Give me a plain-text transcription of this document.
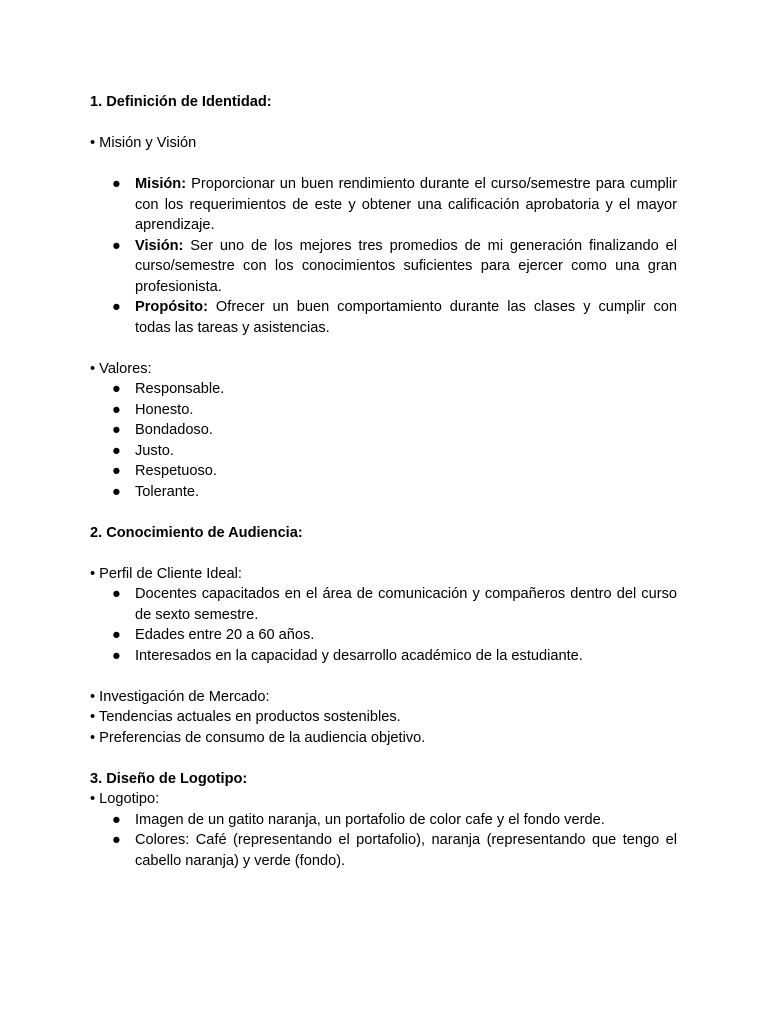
1. Definición de Identidad:

• Misión y Visión

● Misión: Proporcionar un buen rendimiento durante el curso/semestre para cumplir con los requerimientos de este y obtener una calificación aprobatoria y el mayor aprendizaje.
● Visión: Ser uno de los mejores tres promedios de mi generación finalizando el curso/semestre con los conocimientos suficientes para ejercer como una gran profesionista.
● Propósito: Ofrecer un buen comportamiento durante las clases y cumplir con todas las tareas y asistencias.

• Valores:

● Responsable.
● Honesto.
● Bondadoso.
● Justo.
● Respetuoso.
● Tolerante.

2. Conocimiento de Audiencia:

• Perfil de Cliente Ideal:

● Docentes capacitados en el área de comunicación y compañeros dentro del curso de sexto semestre.
● Edades entre 20 a 60 años.
● Interesados en la capacidad y desarrollo académico de la estudiante.

• Investigación de Mercado:

• Tendencias actuales en productos sostenibles.

• Preferencias de consumo de la audiencia objetivo.

3. Diseño de Logotipo:

• Logotipo:

● Imagen de un gatito naranja, un portafolio de color cafe y el fondo verde.
● Colores: Café (representando el portafolio), naranja (representando que tengo el cabello naranja) y verde (fondo).
